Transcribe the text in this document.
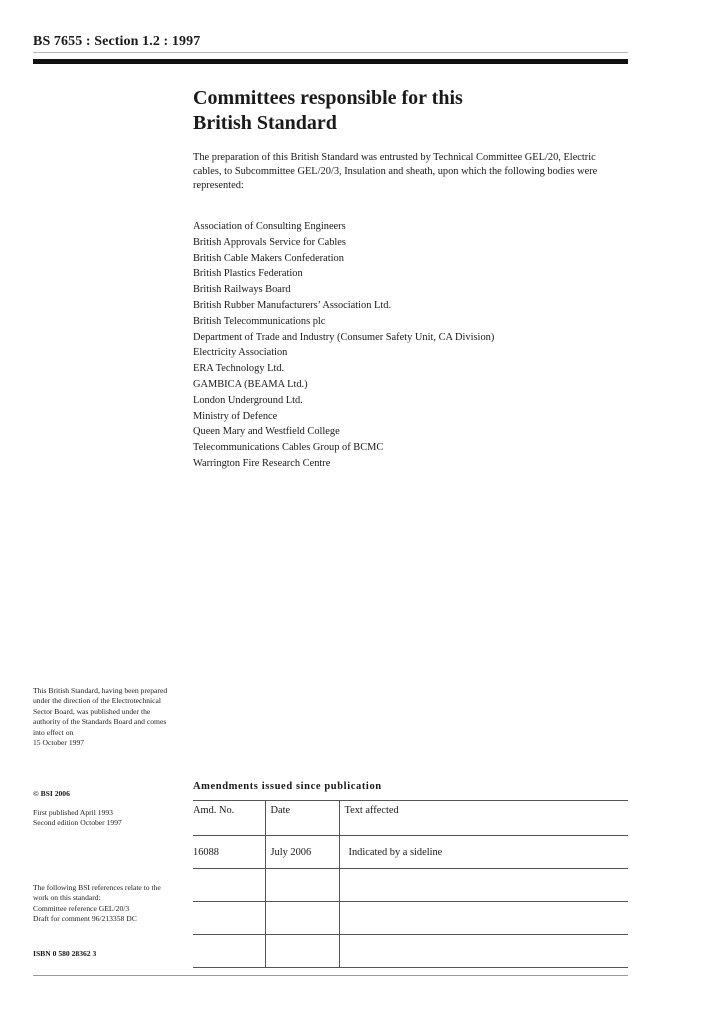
BS 7655 : Section 1.2 : 1997
Committees responsible for this
British Standard

The preparation of this British Standard was entrusted by Technical Committee GEL/20, Electric cables, to Subcommittee GEL/20/3, Insulation and sheath, upon which the following bodies were represented:

Association of Consulting Engineers
British Approvals Service for Cables
British Cable Makers Confederation
British Plastics Federation
British Railways Board
British Rubber Manufacturers’ Association Ltd.
British Telecommunications plc
Department of Trade and Industry (Consumer Safety Unit, CA Division)
Electricity Association
ERA Technology Ltd.
GAMBICA (BEAMA Ltd.)
London Underground Ltd.
Ministry of Defence
Queen Mary and Westfield College
Telecommunications Cables Group of BCMC
Warrington Fire Research Centre
This British Standard, having been prepared under the direction of the Electrotechnical Sector Board, was published under the authority of the Standards Board and comes into effect on
15 October 1997

© BSI 2006

First published April 1993
Second edition October 1997
The following BSI references relate to the work on this standard:
Committee reference GEL/20/3
Draft for comment 96/213358 DC

ISBN 0 580 28362 3

Amendments issued since publication

Amd. No.	Date	Text affected
16088	July 2006	Indicated by a sideline
